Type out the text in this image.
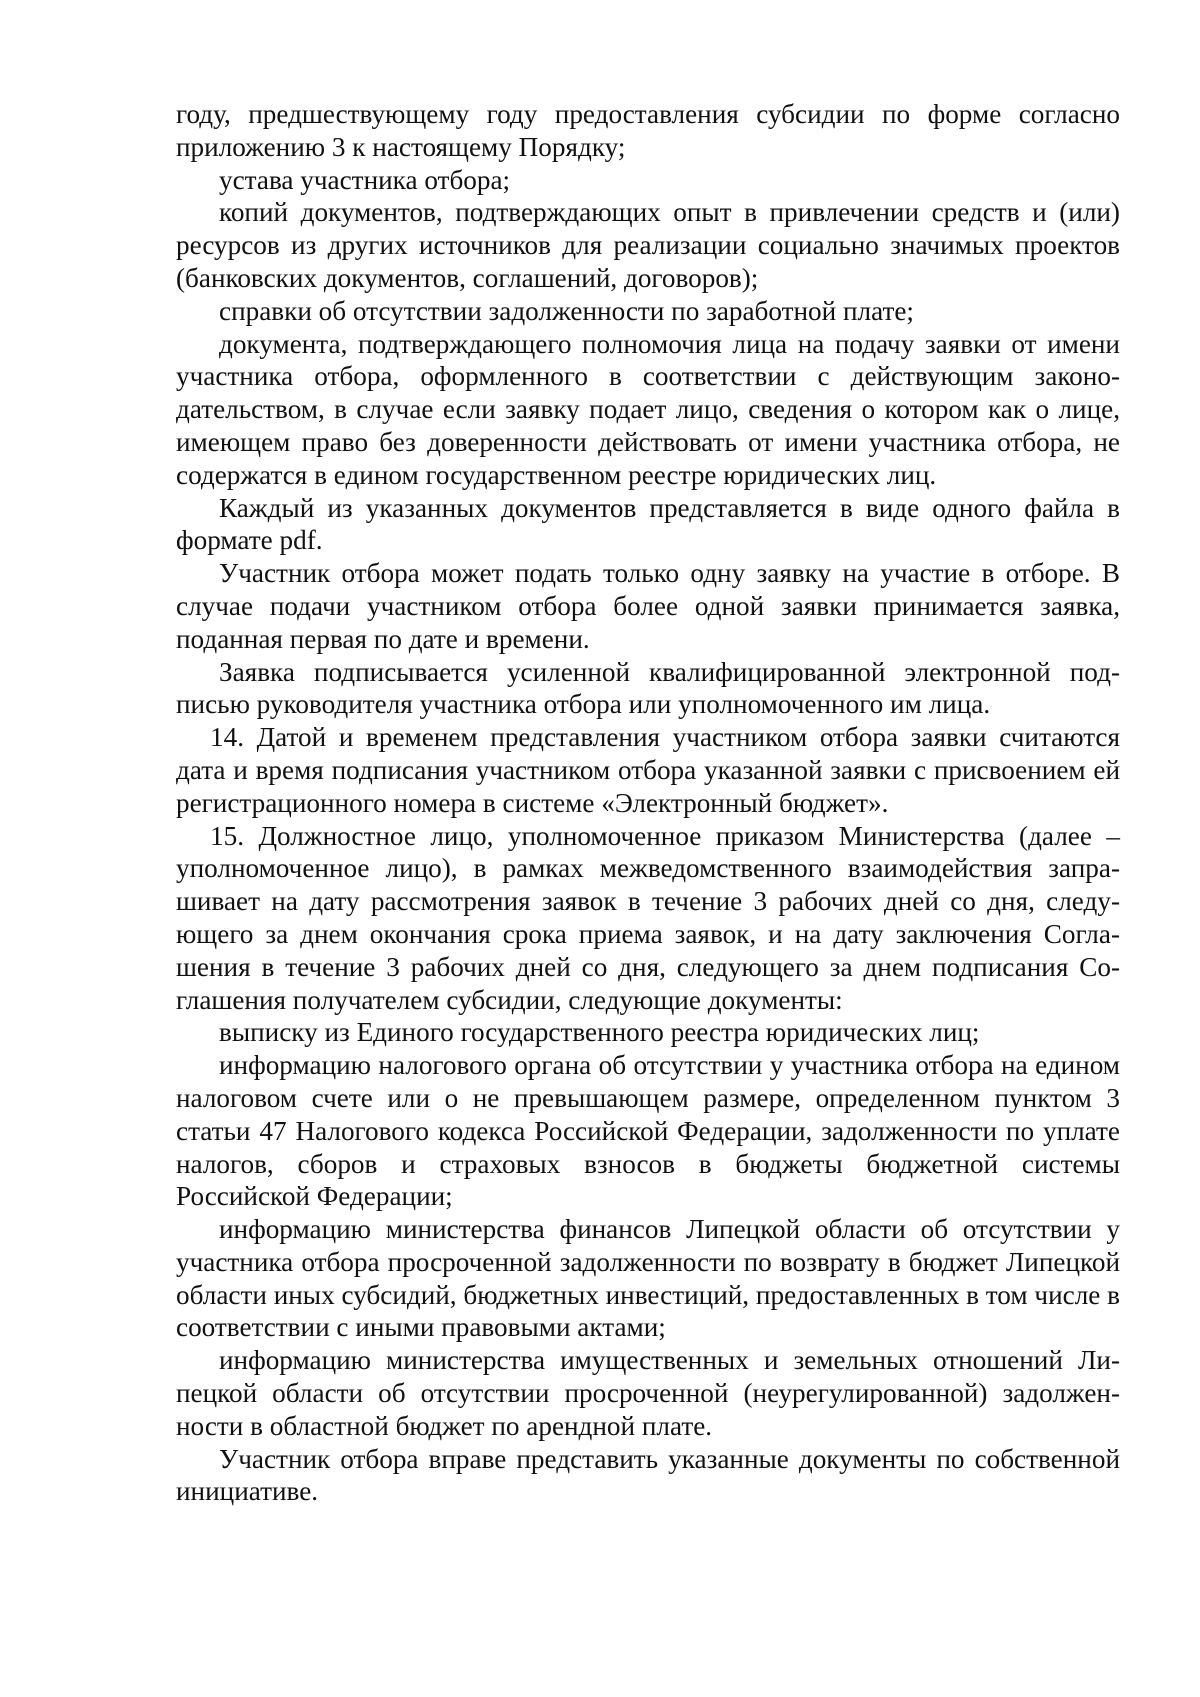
году, предшествующему году предоставления субсидии по форме согласно приложению 3 к настоящему Порядку;

устава участника отбора;

копий документов, подтверждающих опыт в привлечении средств и (или) ресурсов из других источников для реализации социально значимых проектов (банковских документов, соглашений, договоров);

справки об отсутствии задолженности по заработной плате;

документа, подтверждающего полномочия лица на подачу заявки от имени участника отбора, оформленного в соответствии с действующим законодательством, в случае если заявку подает лицо, сведения о котором как о лице, имеющем право без доверенности действовать от имени участника отбора, не содержатся в едином государственном реестре юридических лиц.

Каждый из указанных документов представляется в виде одного файла в формате pdf.

Участник отбора может подать только одну заявку на участие в отборе. В случае подачи участником отбора более одной заявки принимается заявка, поданная первая по дате и времени.

Заявка подписывается усиленной квалифицированной электронной подписью руководителя участника отбора или уполномоченного им лица.

14. Датой и временем представления участником отбора заявки считаются дата и время подписания участником отбора указанной заявки с присвоением ей регистрационного номера в системе «Электронный бюджет».

15. Должностное лицо, уполномоченное приказом Министерства (далее – уполномоченное лицо), в рамках межведомственного взаимодействия запрашивает на дату рассмотрения заявок в течение 3 рабочих дней со дня, следующего за днем окончания срока приема заявок, и на дату заключения Соглашения в течение 3 рабочих дней со дня, следующего за днем подписания Соглашения получателем субсидии, следующие документы:

выписку из Единого государственного реестра юридических лиц;

информацию налогового органа об отсутствии у участника отбора на едином налоговом счете или о не превышающем размере, определенном пунктом 3 статьи 47 Налогового кодекса Российской Федерации, задолженности по уплате налогов, сборов и страховых взносов в бюджеты бюджетной системы Российской Федерации;

информацию министерства финансов Липецкой области об отсутствии у участника отбора просроченной задолженности по возврату в бюджет Липецкой области иных субсидий, бюджетных инвестиций, предоставленных в том числе в соответствии с иными правовыми актами;

информацию министерства имущественных и земельных отношений Липецкой области об отсутствии просроченной (неурегулированной) задолженности в областной бюджет по арендной плате.

Участник отбора вправе представить указанные документы по собственной инициативе.
